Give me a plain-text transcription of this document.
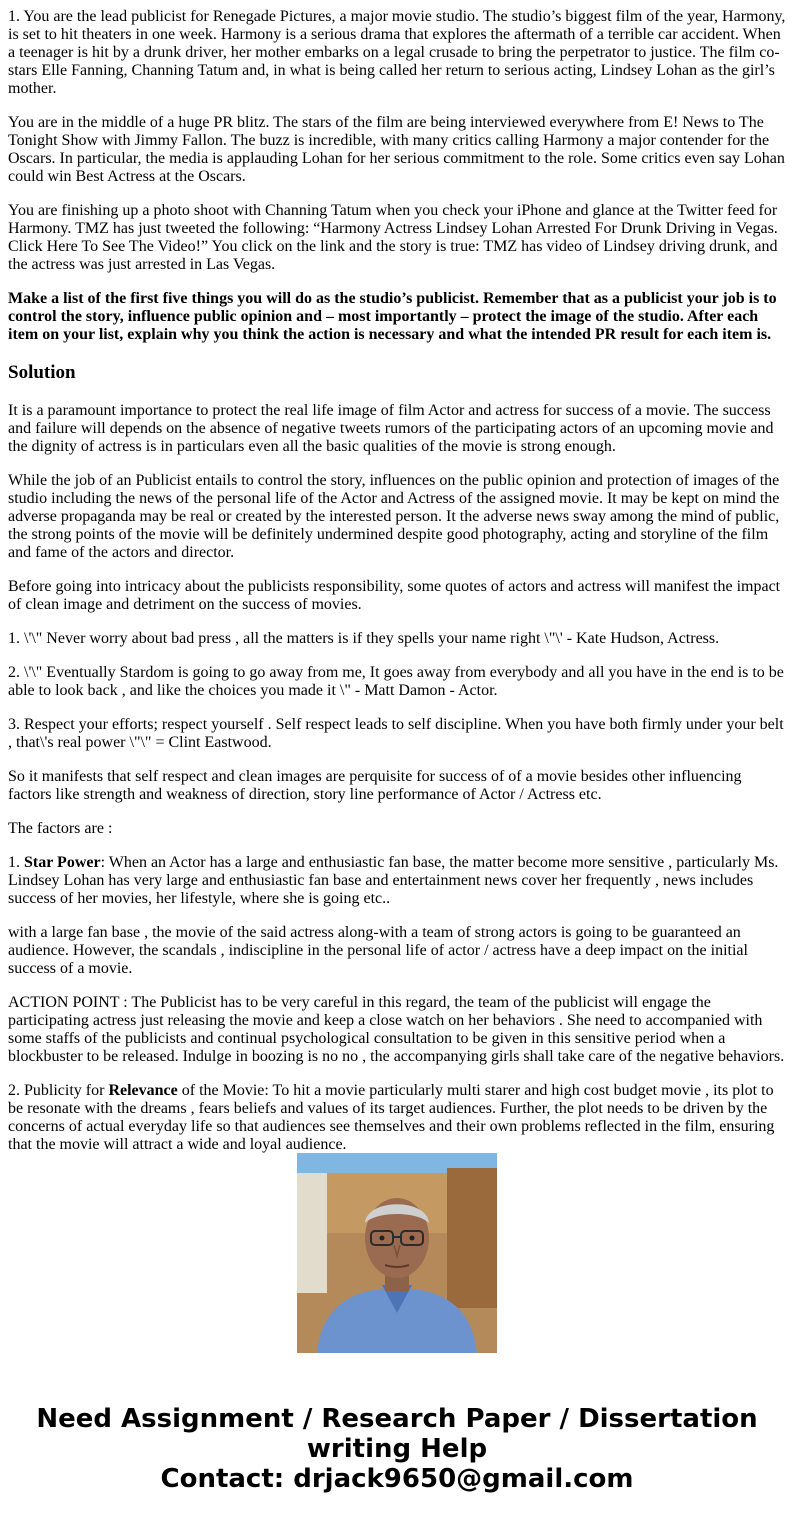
1. You are the lead publicist for Renegade Pictures, a major movie studio. The studio’s biggest film of the year, Harmony, is set to hit theaters in one week. Harmony is a serious drama that explores the aftermath of a terrible car accident. When a teenager is hit by a drunk driver, her mother embarks on a legal crusade to bring the perpetrator to justice. The film co-stars Elle Fanning, Channing Tatum and, in what is being called her return to serious acting, Lindsey Lohan as the girl’s mother.

You are in the middle of a huge PR blitz. The stars of the film are being interviewed everywhere from E! News to The Tonight Show with Jimmy Fallon. The buzz is incredible, with many critics calling Harmony a major contender for the Oscars. In particular, the media is applauding Lohan for her serious commitment to the role. Some critics even say Lohan could win Best Actress at the Oscars.

You are finishing up a photo shoot with Channing Tatum when you check your iPhone and glance at the Twitter feed for Harmony. TMZ has just tweeted the following: “Harmony Actress Lindsey Lohan Arrested For Drunk Driving in Vegas. Click Here To See The Video!” You click on the link and the story is true: TMZ has video of Lindsey driving drunk, and the actress was just arrested in Las Vegas.

Make a list of the first five things you will do as the studio’s publicist. Remember that as a publicist your job is to control the story, influence public opinion and – most importantly – protect the image of the studio. After each item on your list, explain why you think the action is necessary and what the intended PR result for each item is.

Solution

It is a paramount importance to protect the real life image of film Actor and actress for success of a movie. The success and failure will depends on the absence of negative tweets rumors of the participating actors of an upcoming movie and the dignity of actress is in particulars even all the basic qualities of the movie is strong enough.

While the job of an Publicist entails to control the story, influences on the public opinion and protection of images of the studio including the news of the personal life of the Actor and Actress of the assigned movie. It may be kept on mind the adverse propaganda may be real or created by the interested person. It the adverse news sway among the mind of public, the strong points of the movie will be definitely undermined despite good photography, acting and storyline of the film and fame of the actors and director.

Before going into intricacy about the publicists responsibility, some quotes of actors and actress will manifest the impact of clean image and detriment on the success of movies.

1. \'\" Never worry about bad press , all the matters is if they spells your name right \"\' - Kate Hudson, Actress.

2. \'\" Eventually Stardom is going to go away from me, It goes away from everybody and all you have in the end is to be able to look back , and like the choices you made it \" - Matt Damon - Actor.

3. Respect your efforts; respect yourself . Self respect leads to self discipline. When you have both firmly under your belt , that\'s real power \"\" = Clint Eastwood.

So it manifests that self respect and clean images are perquisite for success of of a movie besides other influencing factors like strength and weakness of direction, story line performance of Actor / Actress etc.

The factors are :

1. Star Power: When an Actor has a large and enthusiastic fan base, the matter become more sensitive , particularly Ms. Lindsey Lohan has very large and enthusiastic fan base and entertainment news cover her frequently , news includes success of her movies, her lifestyle, where she is going etc..

with a large fan base , the movie of the said actress along-with a team of strong actors is going to be guaranteed an audience. However, the scandals , indiscipline in the personal life of actor / actress have a deep impact on the initial success of a movie.

ACTION POINT : The Publicist has to be very careful in this regard, the team of the publicist will engage the participating actress just releasing the movie and keep a close watch on her behaviors . She need to accompanied with some staffs of the publicists and continual psychological consultation to be given in this sensitive period when a blockbuster to be released. Indulge in boozing is no no , the accompanying girls shall take care of the negative behaviors.

2. Publicity for Relevance of the Movie: To hit a movie particularly multi starer and high cost budget movie , its plot to be resonate with the dreams , fears beliefs and values of its target audiences. Further, the plot needs to be driven by the concerns of actual everyday life so that audiences see themselves and their own problems reflected in the film, ensuring that the movie will attract a wide and loyal audience.

Need Assignment / Research Paper / Dissertation
writing Help
Contact: drjack9650@gmail.com
